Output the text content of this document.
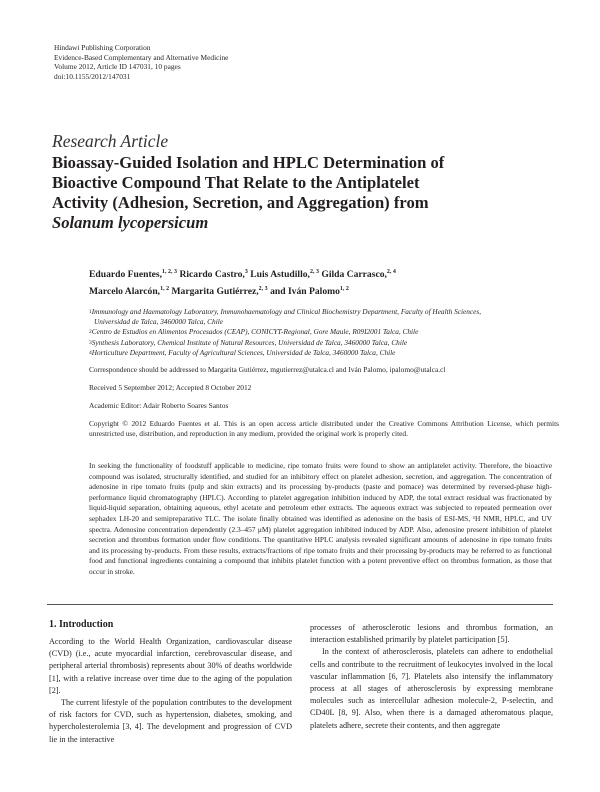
Hindawi Publishing Corporation
Evidence-Based Complementary and Alternative Medicine
Volume 2012, Article ID 147031, 10 pages
doi:10.1155/2012/147031
Research Article
Bioassay-Guided Isolation and HPLC Determination of
Bioactive Compound That Relate to the Antiplatelet
Activity (Adhesion, Secretion, and Aggregation) from
Solanum lycopersicum
Eduardo Fuentes,$^{1, 2, 3}$ Ricardo Castro,$^3$ Luis Astudillo,$^{2, 3}$ Gilda Carrasco,$^{2, 4}$
Marcelo Alarcón,$^{1, 2}$ Margarita Gutiérrez,$^{2, 3}$ and Iván Palomo$^{1, 2}$
$^1$Immunology and Haematology Laboratory, Immunohaematology and Clinical Biochemistry Department, Faculty of Health Sciences,
Universidad de Talca, 3460000 Talca, Chile
$^2$Centro de Estudios en Alimentos Procesados (CEAP), CONICYT-Regional, Gore Maule, R09I2001 Talca, Chile
$^3$Synthesis Laboratory, Chemical Institute of Natural Resources, Universidad de Talca, 3460000 Talca, Chile
$^4$Horticulture Department, Faculty of Agricultural Sciences, Universidad de Talca, 3460000 Talca, Chile
Correspondence should be addressed to Margarita Gutiérrez, mgutierrez@utalca.cl and Iván Palomo, ipalomo@utalca.cl
Received 5 September 2012; Accepted 8 October 2012
Academic Editor: Adair Roberto Soares Santos
Copyright © 2012 Eduardo Fuentes et al. This is an open access article distributed under the Creative Commons Attribution License, which permits unrestricted use, distribution, and reproduction in any medium, provided the original work is properly cited.
In seeking the functionality of foodstuff applicable to medicine, ripe tomato fruits were found to show an antiplatelet activity. Therefore, the bioactive compound was isolated, structurally identified, and studied for an inhibitory effect on platelet adhesion, secretion, and aggregation. The concentration of adenosine in ripe tomato fruits (pulp and skin extracts) and its processing by-products (paste and pomace) was determined by reversed-phase high-performance liquid chromatography (HPLC). According to platelet aggregation inhibition induced by ADP, the total extract residual was fractionated by liquid-liquid separation, obtaining aqueous, ethyl acetate and petroleum ether extracts. The aqueous extract was subjected to repeated permeation over sephadex LH-20 and semipreparative TLC. The isolate finally obtained was identified as adenosine on the basis of ESI-MS, ¹H NMR, HPLC, and UV spectra. Adenosine concentration dependently (2.3–457 μM) platelet aggregation inhibited induced by ADP. Also, adenosine present inhibition of platelet secretion and thrombus formation under flow conditions. The quantitative HPLC analysis revealed significant amounts of adenosine in ripe tomato fruits and its processing by-products. From these results, extracts/fractions of ripe tomato fruits and their processing by-products may be referred to as functional food and functional ingredients containing a compound that inhibits platelet function with a potent preventive effect on thrombus formation, as those that occur in stroke.
1. Introduction

According to the World Health Organization, cardiovascular disease (CVD) (i.e., acute myocardial infarction, cerebrovascular disease, and peripheral arterial thrombosis) represents about 30% of deaths worldwide [1], with a relative increase over time due to the aging of the population [2].

The current lifestyle of the population contributes to the development of risk factors for CVD, such as hypertension, diabetes, smoking, and hypercholesterolemia [3, 4]. The development and progression of CVD lie in the interactive

processes of atherosclerotic lesions and thrombus formation, an interaction established primarily by platelet participation [5].

In the context of atherosclerosis, platelets can adhere to endothelial cells and contribute to the recruitment of leukocytes involved in the local vascular inflammation [6, 7]. Platelets also intensify the inflammatory process at all stages of atherosclerosis by expressing membrane molecules such as intercellular adhesion molecule-2, P-selectin, and CD40L [8, 9]. Also, when there is a damaged atheromatous plaque, platelets adhere, secrete their contents, and then aggregate
